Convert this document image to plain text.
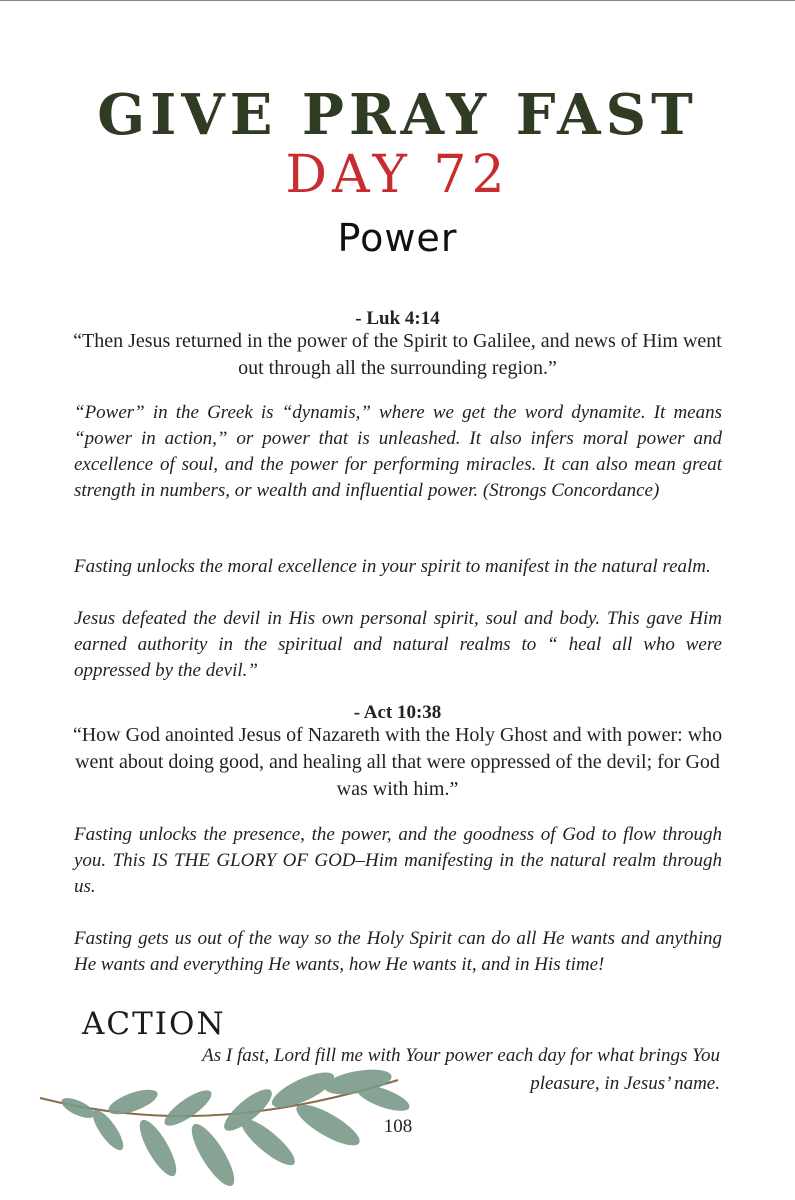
GIVE PRAY FAST
DAY 72
Power
- Luk 4:14
“Then Jesus returned in the power of the Spirit to Galilee, and news of Him went out through all the surrounding region.”
“Power” in the Greek is “dynamis,” where we get the word dynamite. It means “power in action,” or power that is unleashed. It also infers moral power and excellence of soul, and the power for performing miracles. It can also mean great strength in numbers, or wealth and influential power. (Strongs Concordance)
Fasting unlocks the moral excellence in your spirit to manifest in the natural realm.
Jesus defeated the devil in His own personal spirit, soul and body. This gave Him earned authority in the spiritual and natural realms to “ heal all who were oppressed by the devil.”
- Act 10:38
“How God anointed Jesus of Nazareth with the Holy Ghost and with power: who went about doing good, and healing all that were oppressed of the devil; for God was with him.”
Fasting unlocks the presence, the power, and the goodness of God to flow through you. This IS THE GLORY OF GOD–Him manifesting in the natural realm through us.
Fasting gets us out of the way so the Holy Spirit can do all He wants and anything He wants and everything He wants, how He wants it, and in His time!
ACTION
As I fast, Lord fill me with Your power each day for what brings You pleasure, in Jesus’ name.
108
